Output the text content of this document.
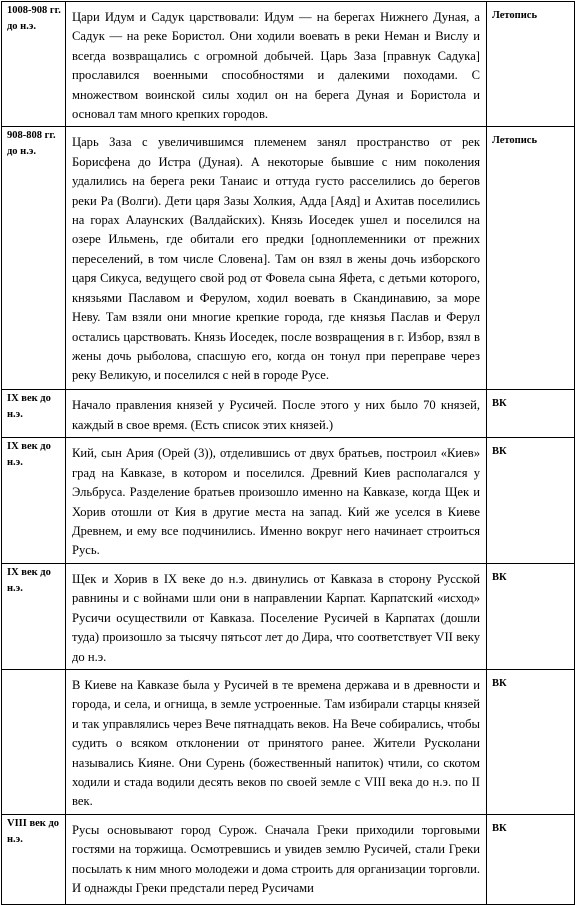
1008-908 гг. до н.э.	Цари Идум и Садук царствовали: Идум — на берегах Нижнего Дуная, а Садук — на реке Бористол. Они ходили воевать в реки Неман и Вислу и всегда возвращались с огромной добычей. Царь Заза [правнук Садука] прославился военными способностями и далекими походами. С множеством воинской силы ходил он на берега Дуная и Бористола и основал там много крепких городов.	Летопись
908-808 гг. до н.э.	Царь Заза с увеличившимся племенем занял пространство от рек Борисфена до Истра (Дуная). А некоторые бывшие с ним поколения удалились на берега реки Танаис и оттуда густо расселились до берегов реки Ра (Волги). Дети царя Зазы Холкия, Адда [Аяд] и Ахитав поселились на горах Алаунских (Валдайских). Князь Иоседек ушел и поселился на озере Ильмень, где обитали его предки [одноплеменники от прежних переселений, в том числе Словена]. Там он взял в жены дочь изборского царя Сикуса, ведущего свой род от Фовела сына Яфета, с детьми которого, князьями Паславом и Ферулом, ходил воевать в Скандинавию, за море Неву. Там взяли они многие крепкие города, где князья Паслав и Ферул остались царствовать. Князь Иоседек, после возвращения в г. Избор, взял в жены дочь рыболова, спасшую его, когда он тонул при переправе через реку Великую, и поселился с ней в городе Русе.	Летопись
IX век до н.э.	Начало правления князей у Русичей. После этого у них было 70 князей, каждый в свое время. (Есть список этих князей.)	ВК
IX век до н.э.	Кий, сын Ария (Орей (3)), отделившись от двух братьев, построил «Киев» град на Кавказе, в котором и поселился. Древний Киев располагался у Эльбруса. Разделение братьев произошло именно на Кавказе, когда Щек и Хорив отошли от Кия в другие места на запад. Кий же уселся в Киеве Древнем, и ему все подчинились. Именно вокруг него начинает строиться Русь.	ВК
IX век до н.э.	Щек и Хорив в IX веке до н.э. двинулись от Кавказа в сторону Русской равнины и с войнами шли они в направлении Карпат. Карпатский «исход» Русичи осуществили от Кавказа. Поселение Русичей в Карпатах (дошли туда) произошло за тысячу пятьсот лет до Дира, что соответствует VII веку до н.э.	ВК
	В Киеве на Кавказе была у Русичей в те времена держава и в древности и города, и села, и огнища, в земле устроенные. Там избирали старцы князей и так управлялись через Вече пятнадцать веков. На Вече собирались, чтобы судить о всяком отклонении от принятого ранее. Жители Русколани назывались Кияне. Они Сурень (божественный напиток) чтили, со скотом ходили и стада водили десять веков по своей земле с VIII века до н.э. по II век.	ВК
VIII век до н.э.	Русы основывают город Сурож. Сначала Греки приходили торговыми гостями на торжища. Осмотревшись и увидев землю Русичей, стали Греки посылать к ним много молодежи и дома строить для организации торговли. И однажды Греки предстали перед Русичами	ВК
